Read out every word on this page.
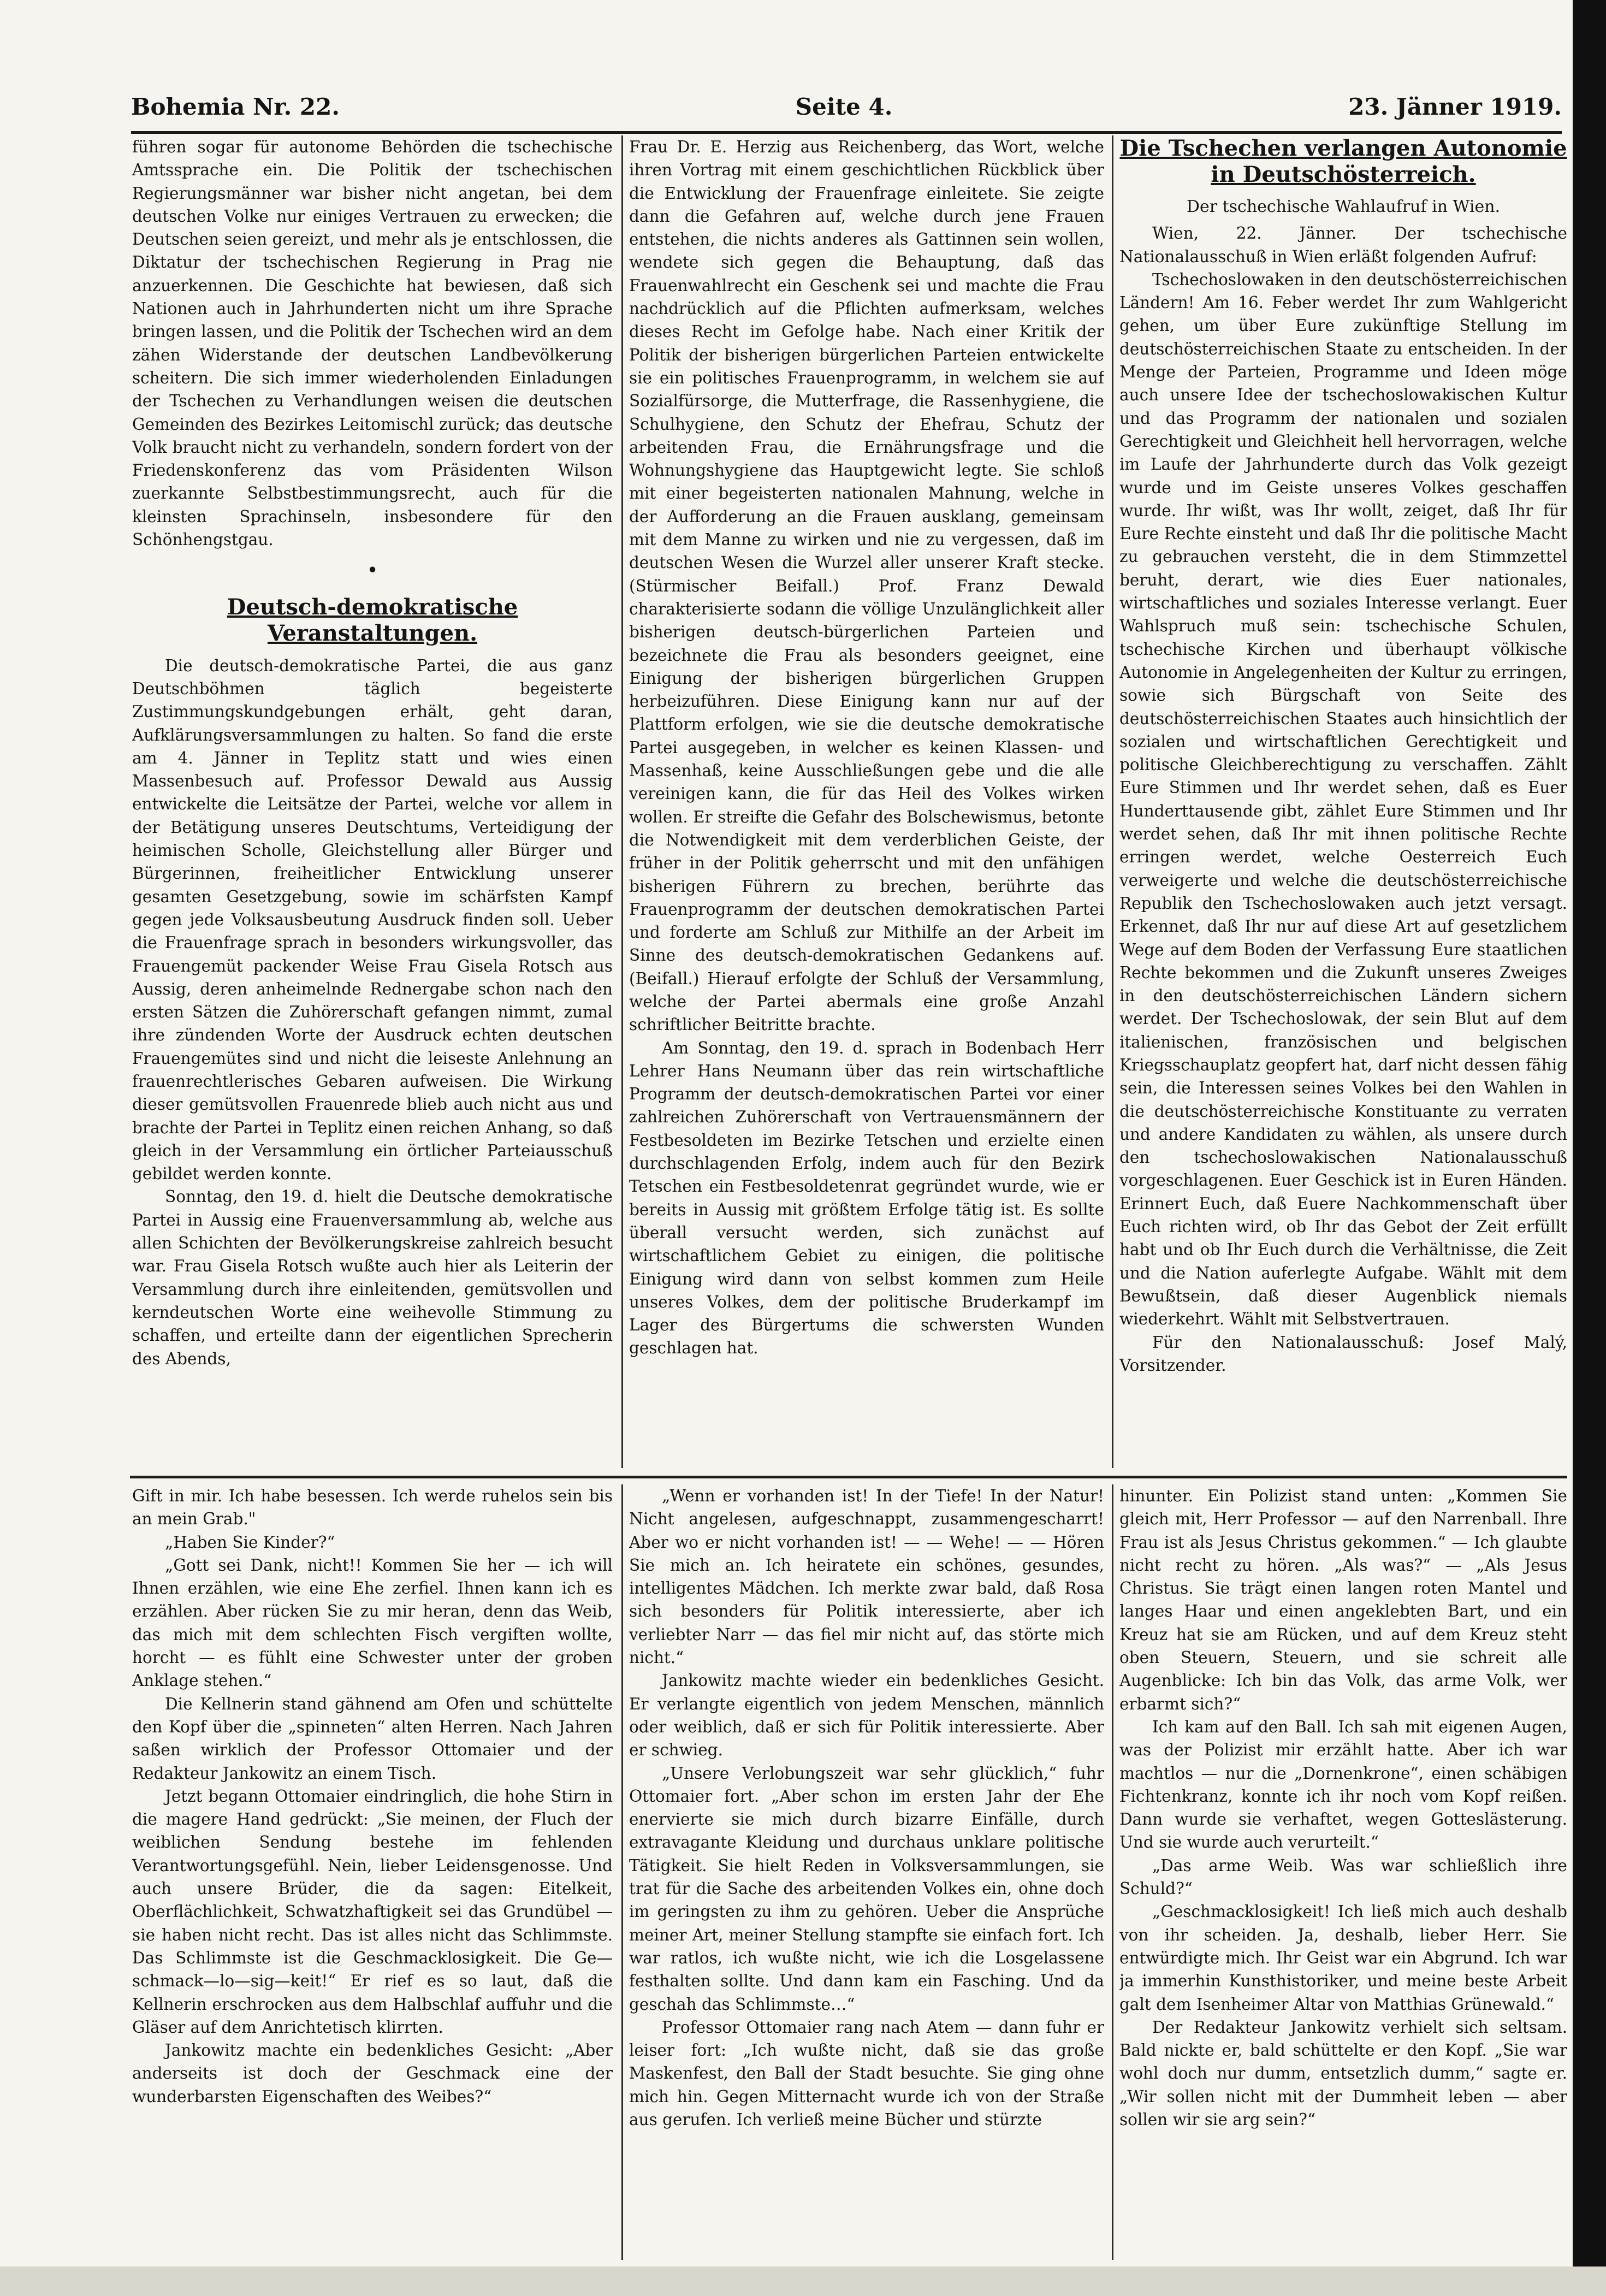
Bohemia Nr. 22.	Seite 4.	23. Jänner 1919.

führen sogar für autonome Behörden die tschechische Amtssprache ein. Die Politik der tschechischen Regierungsmänner war bisher nicht angetan, bei dem deutschen Volke nur einiges Vertrauen zu erwecken; die Deutschen seien gereizt, und mehr als je entschlossen, die Diktatur der tschechischen Regierung in Prag nie anzuerkennen. Die Geschichte hat bewiesen, daß sich Nationen auch in Jahrhunderten nicht um ihre Sprache bringen lassen, und die Politik der Tschechen wird an dem zähen Widerstande der deutschen Landbevölkerung scheitern. Die sich immer wiederholenden Einladungen der Tschechen zu Verhandlungen weisen die deutschen Gemeinden des Bezirkes Leitomischl zurück; das deutsche Volk braucht nicht zu verhandeln, sondern fordert von der Friedenskonferenz das vom Präsidenten Wilson zuerkannte Selbstbestimmungsrecht, auch für die kleinsten Sprachinseln, insbesondere für den Schönhengstgau.

•

Deutsch-demokratische Veranstaltungen.

Die deutsch-demokratische Partei, die aus ganz Deutschböhmen täglich begeisterte Zustimmungskundgebungen erhält, geht daran, Aufklärungsversammlungen zu halten. So fand die erste am 4. Jänner in Teplitz statt und wies einen Massenbesuch auf. Professor Dewald aus Aussig entwickelte die Leitsätze der Partei, welche vor allem in der Betätigung unseres Deutschtums, Verteidigung der heimischen Scholle, Gleichstellung aller Bürger und Bürgerinnen, freiheitlicher Entwicklung unserer gesamten Gesetzgebung, sowie im schärfsten Kampf gegen jede Volksausbeutung Ausdruck finden soll. Ueber die Frauenfrage sprach in besonders wirkungsvoller, das Frauengemüt packender Weise Frau Gisela Rotsch aus Aussig, deren anheimelnde Rednergabe schon nach den ersten Sätzen die Zuhörerschaft gefangen nimmt, zumal ihre zündenden Worte der Ausdruck echten deutschen Frauengemütes sind und nicht die leiseste Anlehnung an frauenrechtlerisches Gebaren aufweisen. Die Wirkung dieser gemütsvollen Frauenrede blieb auch nicht aus und brachte der Partei in Teplitz einen reichen Anhang, so daß gleich in der Versammlung ein örtlicher Parteiausschuß gebildet werden konnte.

Sonntag, den 19. d. hielt die Deutsche demokratische Partei in Aussig eine Frauenversammlung ab, welche aus allen Schichten der Bevölkerungskreise zahlreich besucht war. Frau Gisela Rotsch wußte auch hier als Leiterin der Versammlung durch ihre einleitenden, gemütsvollen und kerndeutschen Worte eine weihevolle Stimmung zu schaffen, und erteilte dann der eigentlichen Sprecherin des Abends,

Frau Dr. E. Herzig aus Reichenberg, das Wort, welche ihren Vortrag mit einem geschichtlichen Rückblick über die Entwicklung der Frauenfrage einleitete. Sie zeigte dann die Gefahren auf, welche durch jene Frauen entstehen, die nichts anderes als Gattinnen sein wollen, wendete sich gegen die Behauptung, daß das Frauenwahlrecht ein Geschenk sei und machte die Frau nachdrücklich auf die Pflichten aufmerksam, welches dieses Recht im Gefolge habe. Nach einer Kritik der Politik der bisherigen bürgerlichen Parteien entwickelte sie ein politisches Frauenprogramm, in welchem sie auf Sozialfürsorge, die Mutterfrage, die Rassenhygiene, die Schulhygiene, den Schutz der Ehefrau, Schutz der arbeitenden Frau, die Ernährungsfrage und die Wohnungshygiene das Hauptgewicht legte. Sie schloß mit einer begeisterten nationalen Mahnung, welche in der Aufforderung an die Frauen ausklang, gemeinsam mit dem Manne zu wirken und nie zu vergessen, daß im deutschen Wesen die Wurzel aller unserer Kraft stecke. (Stürmischer Beifall.) Prof. Franz Dewald charakterisierte sodann die völlige Unzulänglichkeit aller bisherigen deutsch-bürgerlichen Parteien und bezeichnete die Frau als besonders geeignet, eine Einigung der bisherigen bürgerlichen Gruppen herbeizuführen. Diese Einigung kann nur auf der Plattform erfolgen, wie sie die deutsche demokratische Partei ausgegeben, in welcher es keinen Klassen- und Massenhaß, keine Ausschließungen gebe und die alle vereinigen kann, die für das Heil des Volkes wirken wollen. Er streifte die Gefahr des Bolschewismus, betonte die Notwendigkeit mit dem verderblichen Geiste, der früher in der Politik geherrscht und mit den unfähigen bisherigen Führern zu brechen, berührte das Frauenprogramm der deutschen demokratischen Partei und forderte am Schluß zur Mithilfe an der Arbeit im Sinne des deutsch-demokratischen Gedankens auf. (Beifall.) Hierauf erfolgte der Schluß der Versammlung, welche der Partei abermals eine große Anzahl schriftlicher Beitritte brachte.

Am Sonntag, den 19. d. sprach in Bodenbach Herr Lehrer Hans Neumann über das rein wirtschaftliche Programm der deutsch-demokratischen Partei vor einer zahlreichen Zuhörerschaft von Vertrauensmännern der Festbesoldeten im Bezirke Tetschen und erzielte einen durchschlagenden Erfolg, indem auch für den Bezirk Tetschen ein Festbesoldetenrat gegründet wurde, wie er bereits in Aussig mit größtem Erfolge tätig ist. Es sollte überall versucht werden, sich zunächst auf wirtschaftlichem Gebiet zu einigen, die politische Einigung wird dann von selbst kommen zum Heile unseres Volkes, dem der politische Bruderkampf im Lager des Bürgertums die schwersten Wunden geschlagen hat.

Die Tschechen verlangen Autonomie in Deutschösterreich.

Der tschechische Wahlaufruf in Wien.

Wien, 22. Jänner. Der tschechische Nationalausschuß in Wien erläßt folgenden Aufruf:

Tschechoslowaken in den deutschösterreichischen Ländern! Am 16. Feber werdet Ihr zum Wahlgericht gehen, um über Eure zukünftige Stellung im deutschösterreichischen Staate zu entscheiden. In der Menge der Parteien, Programme und Ideen möge auch unsere Idee der tschechoslowakischen Kultur und das Programm der nationalen und sozialen Gerechtigkeit und Gleichheit hell hervorragen, welche im Laufe der Jahrhunderte durch das Volk gezeigt wurde und im Geiste unseres Volkes geschaffen wurde. Ihr wißt, was Ihr wollt, zeiget, daß Ihr für Eure Rechte einsteht und daß Ihr die politische Macht zu gebrauchen versteht, die in dem Stimmzettel beruht, derart, wie dies Euer nationales, wirtschaftliches und soziales Interesse verlangt. Euer Wahlspruch muß sein: tschechische Schulen, tschechische Kirchen und überhaupt völkische Autonomie in Angelegenheiten der Kultur zu erringen, sowie sich Bürgschaft von Seite des deutschösterreichischen Staates auch hinsichtlich der sozialen und wirtschaftlichen Gerechtigkeit und politische Gleichberechtigung zu verschaffen. Zählt Eure Stimmen und Ihr werdet sehen, daß es Euer Hunderttausende gibt, zählet Eure Stimmen und Ihr werdet sehen, daß Ihr mit ihnen politische Rechte erringen werdet, welche Oesterreich Euch verweigerte und welche die deutschösterreichische Republik den Tschechoslowaken auch jetzt versagt. Erkennet, daß Ihr nur auf diese Art auf gesetzlichem Wege auf dem Boden der Verfassung Eure staatlichen Rechte bekommen und die Zukunft unseres Zweiges in den deutschösterreichischen Ländern sichern werdet. Der Tschechoslowak, der sein Blut auf dem italienischen, französischen und belgischen Kriegsschauplatz geopfert hat, darf nicht dessen fähig sein, die Interessen seines Volkes bei den Wahlen in die deutschösterreichische Konstituante zu verraten und andere Kandidaten zu wählen, als unsere durch den tschechoslowakischen Nationalausschuß vorgeschlagenen. Euer Geschick ist in Euren Händen. Erinnert Euch, daß Euere Nachkommenschaft über Euch richten wird, ob Ihr das Gebot der Zeit erfüllt habt und ob Ihr Euch durch die Verhältnisse, die Zeit und die Nation auferlegte Aufgabe. Wählt mit dem Bewußtsein, daß dieser Augenblick niemals wiederkehrt. Wählt mit Selbstvertrauen.

Für den Nationalausschuß: Josef Malý, Vorsitzender.

Gift in mir. Ich habe besessen. Ich werde ruhelos sein bis an mein Grab."

„Haben Sie Kinder?“

„Gott sei Dank, nicht!! Kommen Sie her — ich will Ihnen erzählen, wie eine Ehe zerfiel. Ihnen kann ich es erzählen. Aber rücken Sie zu mir heran, denn das Weib, das mich mit dem schlechten Fisch vergiften wollte, horcht — es fühlt eine Schwester unter der groben Anklage stehen.“

Die Kellnerin stand gähnend am Ofen und schüttelte den Kopf über die „spinneten“ alten Herren. Nach Jahren saßen wirklich der Professor Ottomaier und der Redakteur Jankowitz an einem Tisch.

Jetzt begann Ottomaier eindringlich, die hohe Stirn in die magere Hand gedrückt: „Sie meinen, der Fluch der weiblichen Sendung bestehe im fehlenden Verantwortungsgefühl. Nein, lieber Leidensgenosse. Und auch unsere Brüder, die da sagen: Eitelkeit, Oberflächlichkeit, Schwatzhaftigkeit sei das Grundübel — sie haben nicht recht. Das ist alles nicht das Schlimmste. Das Schlimmste ist die Geschmacklosigkeit. Die Ge—schmack—lo—sig—keit!“ Er rief es so laut, daß die Kellnerin erschrocken aus dem Halbschlaf auffuhr und die Gläser auf dem Anrichtetisch klirrten.

Jankowitz machte ein bedenkliches Gesicht: „Aber anderseits ist doch der Geschmack eine der wunderbarsten Eigenschaften des Weibes?“

„Wenn er vorhanden ist! In der Tiefe! In der Natur! Nicht angelesen, aufgeschnappt, zusammengescharrt! Aber wo er nicht vorhanden ist! — — Wehe! — — Hören Sie mich an. Ich heiratete ein schönes, gesundes, intelligentes Mädchen. Ich merkte zwar bald, daß Rosa sich besonders für Politik interessierte, aber ich verliebter Narr — das fiel mir nicht auf, das störte mich nicht.“

Jankowitz machte wieder ein bedenkliches Gesicht. Er verlangte eigentlich von jedem Menschen, männlich oder weiblich, daß er sich für Politik interessierte. Aber er schwieg.

„Unsere Verlobungszeit war sehr glücklich,“ fuhr Ottomaier fort. „Aber schon im ersten Jahr der Ehe enervierte sie mich durch bizarre Einfälle, durch extravagante Kleidung und durchaus unklare politische Tätigkeit. Sie hielt Reden in Volksversammlungen, sie trat für die Sache des arbeitenden Volkes ein, ohne doch im geringsten zu ihm zu gehören. Ueber die Ansprüche meiner Art, meiner Stellung stampfte sie einfach fort. Ich war ratlos, ich wußte nicht, wie ich die Losgelassene festhalten sollte. Und dann kam ein Fasching. Und da geschah das Schlimmste…“

Professor Ottomaier rang nach Atem — dann fuhr er leiser fort: „Ich wußte nicht, daß sie das große Maskenfest, den Ball der Stadt besuchte. Sie ging ohne mich hin. Gegen Mitternacht wurde ich von der Straße aus gerufen. Ich verließ meine Bücher und stürzte

hinunter. Ein Polizist stand unten: „Kommen Sie gleich mit, Herr Professor — auf den Narrenball. Ihre Frau ist als Jesus Christus gekommen.“ — Ich glaubte nicht recht zu hören. „Als was?“ — „Als Jesus Christus. Sie trägt einen langen roten Mantel und langes Haar und einen angeklebten Bart, und ein Kreuz hat sie am Rücken, und auf dem Kreuz steht oben Steuern, Steuern, und sie schreit alle Augenblicke: Ich bin das Volk, das arme Volk, wer erbarmt sich?“

Ich kam auf den Ball. Ich sah mit eigenen Augen, was der Polizist mir erzählt hatte. Aber ich war machtlos — nur die „Dornenkrone“, einen schäbigen Fichtenkranz, konnte ich ihr noch vom Kopf reißen. Dann wurde sie verhaftet, wegen Gotteslästerung. Und sie wurde auch verurteilt.“

„Das arme Weib. Was war schließlich ihre Schuld?“

„Geschmacklosigkeit! Ich ließ mich auch deshalb von ihr scheiden. Ja, deshalb, lieber Herr. Sie entwürdigte mich. Ihr Geist war ein Abgrund. Ich war ja immerhin Kunsthistoriker, und meine beste Arbeit galt dem Isenheimer Altar von Matthias Grünewald.“

Der Redakteur Jankowitz verhielt sich seltsam. Bald nickte er, bald schüttelte er den Kopf. „Sie war wohl doch nur dumm, entsetzlich dumm,“ sagte er. „Wir sollen nicht mit der Dummheit leben — aber sollen wir sie arg sein?“
